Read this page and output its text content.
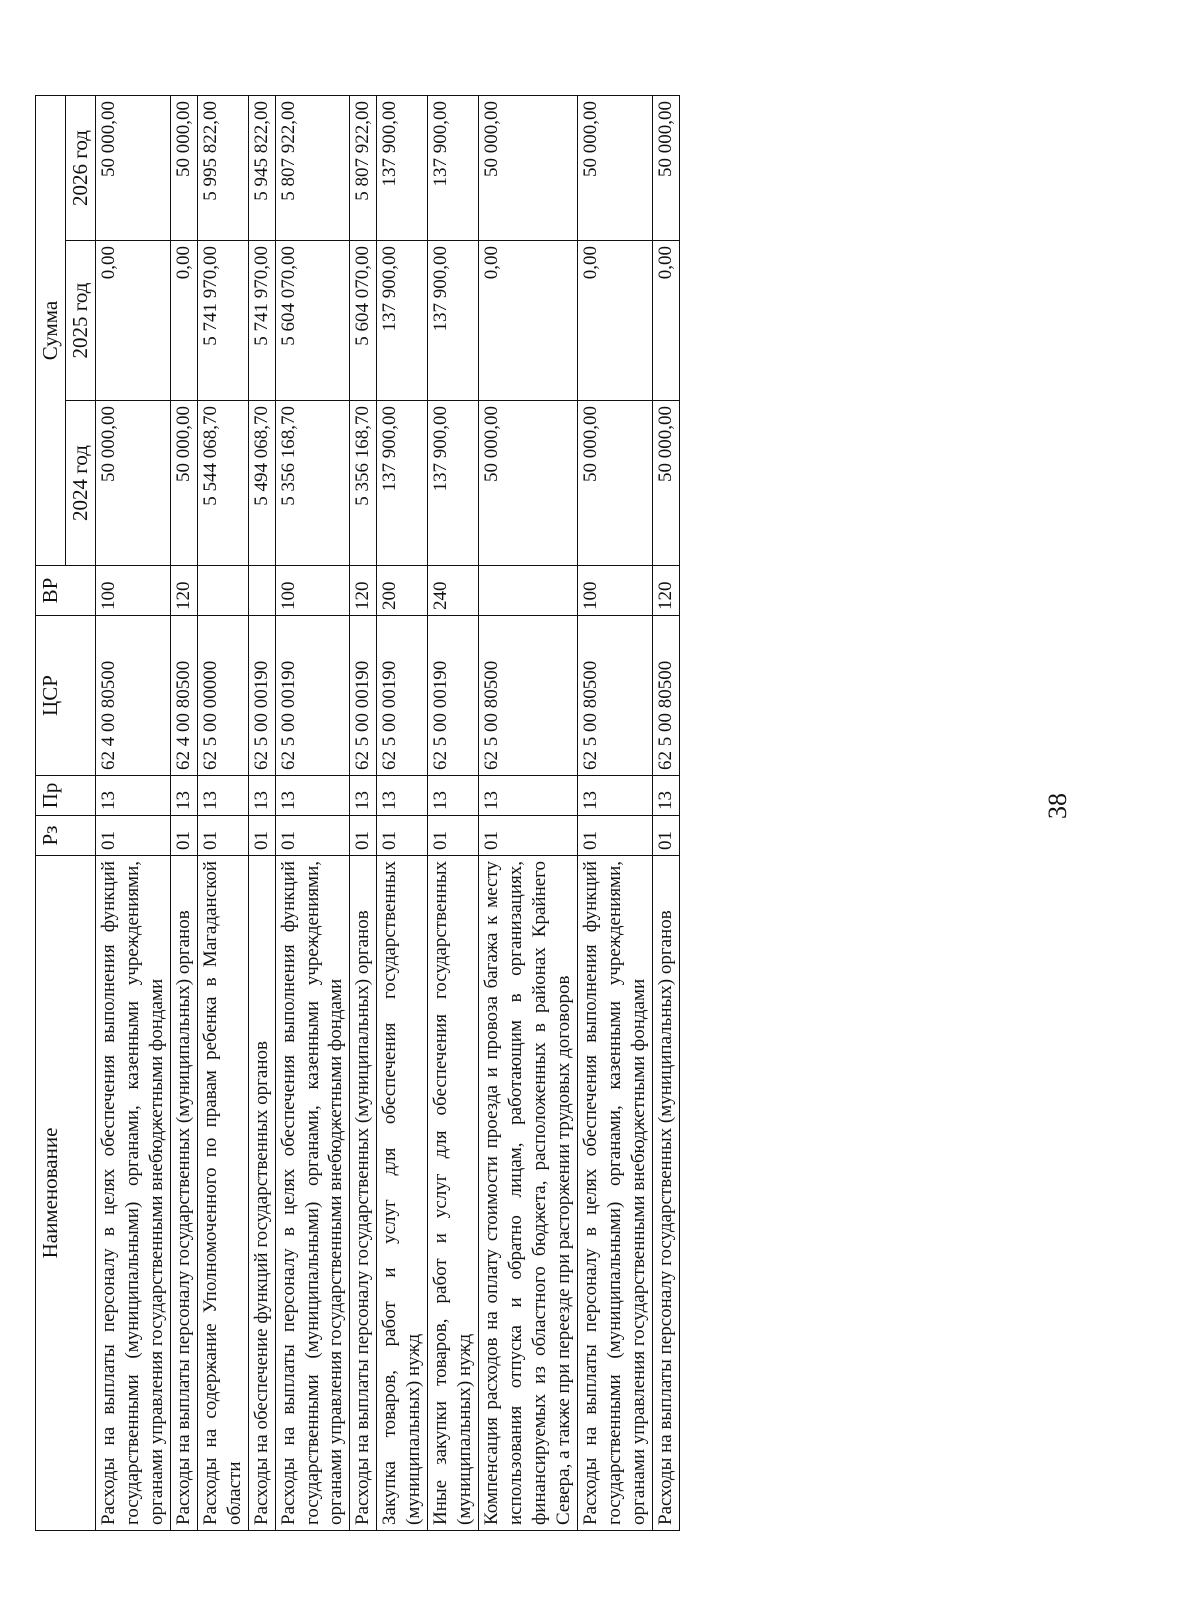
38
Наименование	Рз	Пр	ЦСР	ВР	Сумма		
					2024 год	2025 год	2026 год
Расходы на выплаты персоналу в целях обеспечения выполнения функций государственными (муниципальными) органами, казенными учреждениями, органами управления государственными внебюджетными фондами	01	13	62 4 00 80500	100	50 000,00	0,00	50 000,00
Расходы на выплаты персоналу государственных (муниципальных) органов	01	13	62 4 00 80500	120	50 000,00	0,00	50 000,00
Расходы на содержание Уполномоченного по правам ребенка в Магаданской области	01	13	62 5 00 00000		5 544 068,70	5 741 970,00	5 995 822,00
Расходы на обеспечение функций государственных органов	01	13	62 5 00 00190		5 494 068,70	5 741 970,00	5 945 822,00
Расходы на выплаты персоналу в целях обеспечения выполнения функций государственными (муниципальными) органами, казенными учреждениями, органами управления государственными внебюджетными фондами	01	13	62 5 00 00190	100	5 356 168,70	5 604 070,00	5 807 922,00
Расходы на выплаты персоналу государственных (муниципальных) органов	01	13	62 5 00 00190	120	5 356 168,70	5 604 070,00	5 807 922,00
Закупка товаров, работ и услуг для обеспечения государственных (муниципальных) нужд	01	13	62 5 00 00190	200	137 900,00	137 900,00	137 900,00
Иные закупки товаров, работ и услуг для обеспечения государственных (муниципальных) нужд	01	13	62 5 00 00190	240	137 900,00	137 900,00	137 900,00
Компенсация расходов на оплату стоимости проезда и провоза багажа к месту использования отпуска и обратно лицам, работающим в организациях, финансируемых из областного бюджета, расположенных в районах Крайнего Севера, а также при переезде при расторжении трудовых договоров	01	13	62 5 00 80500		50 000,00	0,00	50 000,00
Расходы на выплаты персоналу в целях обеспечения выполнения функций государственными (муниципальными) органами, казенными учреждениями, органами управления государственными внебюджетными фондами	01	13	62 5 00 80500	100	50 000,00	0,00	50 000,00
Расходы на выплаты персоналу государственных (муниципальных) органов	01	13	62 5 00 80500	120	50 000,00	0,00	50 000,00
